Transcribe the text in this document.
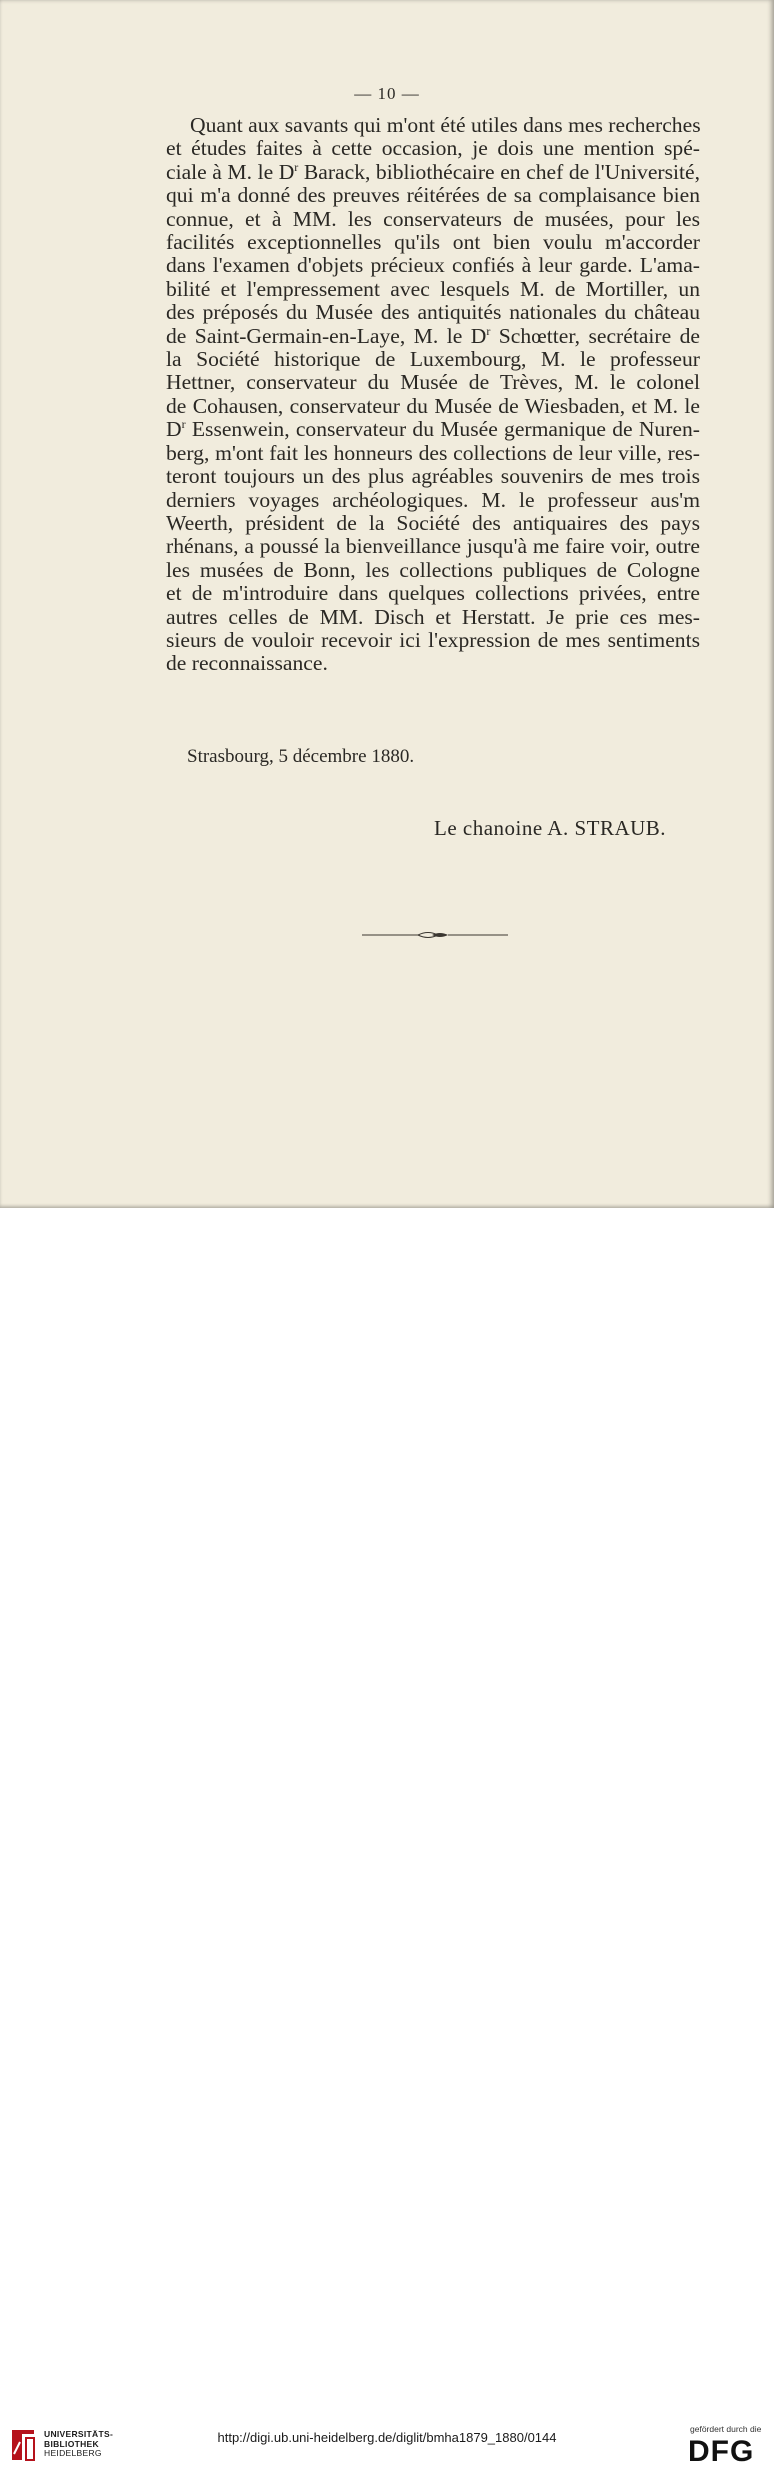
— 10 —
Quant aux savants qui m'ont été utiles dans mes recherches
et études faites à cette occasion, je dois une mention spé-
ciale à M. le $D^r$ Barack, bibliothécaire en chef de l'Université,
qui m'a donné des preuves réitérées de sa complaisance bien
connue, et à MM. les conservateurs de musées, pour les
facilités exceptionnelles qu'ils ont bien voulu m'accorder
dans l'examen d'objets précieux confiés à leur garde. L'ama-
bilité et l'empressement avec lesquels M. de Mortiller, un
des préposés du Musée des antiquités nationales du château
de Saint-Germain-en-Laye, M. le $D^r$ Schœtter, secrétaire de
la Société historique de Luxembourg, M. le professeur
Hettner, conservateur du Musée de Trèves, M. le colonel
de Cohausen, conservateur du Musée de Wiesbaden, et M. le
$D^r$ Essenwein, conservateur du Musée germanique de Nuren-
berg, m'ont fait les honneurs des collections de leur ville, res-
teront toujours un des plus agréables souvenirs de mes trois
derniers voyages archéologiques. M. le professeur aus'm
Weerth, président de la Société des antiquaires des pays
rhénans, a poussé la bienveillance jusqu'à me faire voir, outre
les musées de Bonn, les collections publiques de Cologne
et de m'introduire dans quelques collections privées, entre
autres celles de MM. Disch et Herstatt. Je prie ces mes-
sieurs de vouloir recevoir ici l'expression de mes sentiments
de reconnaissance.
Strasbourg, 5 décembre 1880.
Le chanoine A. STRAUB.
UNIVERSITÄTS-
BIBLIOTHEK
HEIDELBERG
http://digi.ub.uni-heidelberg.de/diglit/bmha1879_1880/0144
gefördert durch die
DFG
